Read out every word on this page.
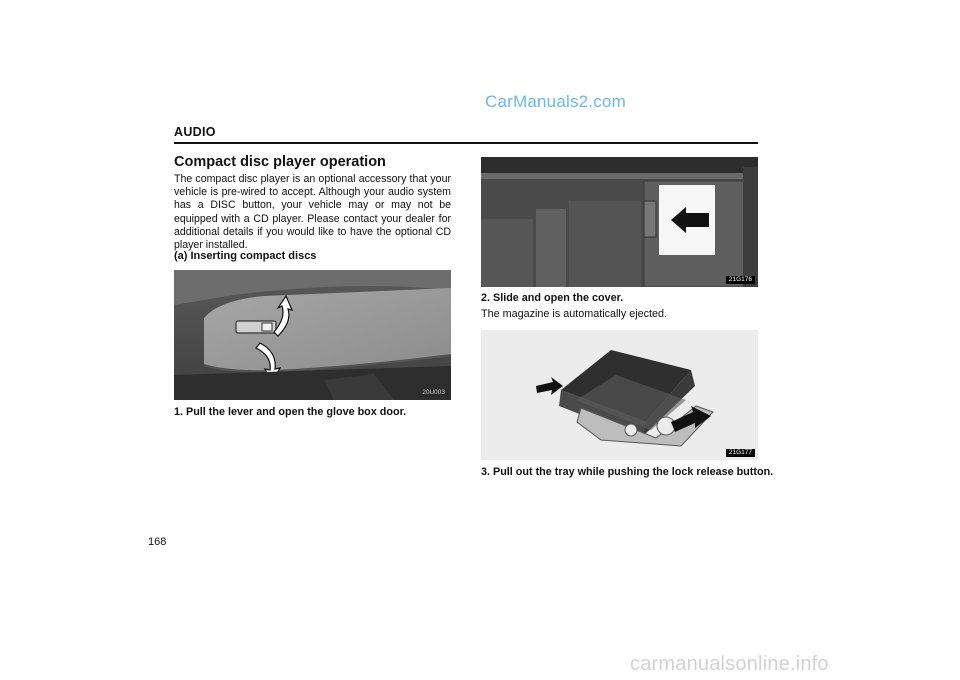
CarManuals2.com
AUDIO
Compact disc player operation

The compact disc player is an optional accessory that your vehicle is pre-wired to accept. Although your audio system has a DISC button, your vehicle may or may not be equipped with a CD player. Please contact your dealer for additional details if you would like to have the optional CD player installed.

(a) Inserting compact discs
20U003
1. Pull the lever and open the glove box door.
21G176
2. Slide and open the cover.
The magazine is automatically ejected.
21G177
3. Pull out the tray while pushing the lock release button.
168
carmanualsonline.info
